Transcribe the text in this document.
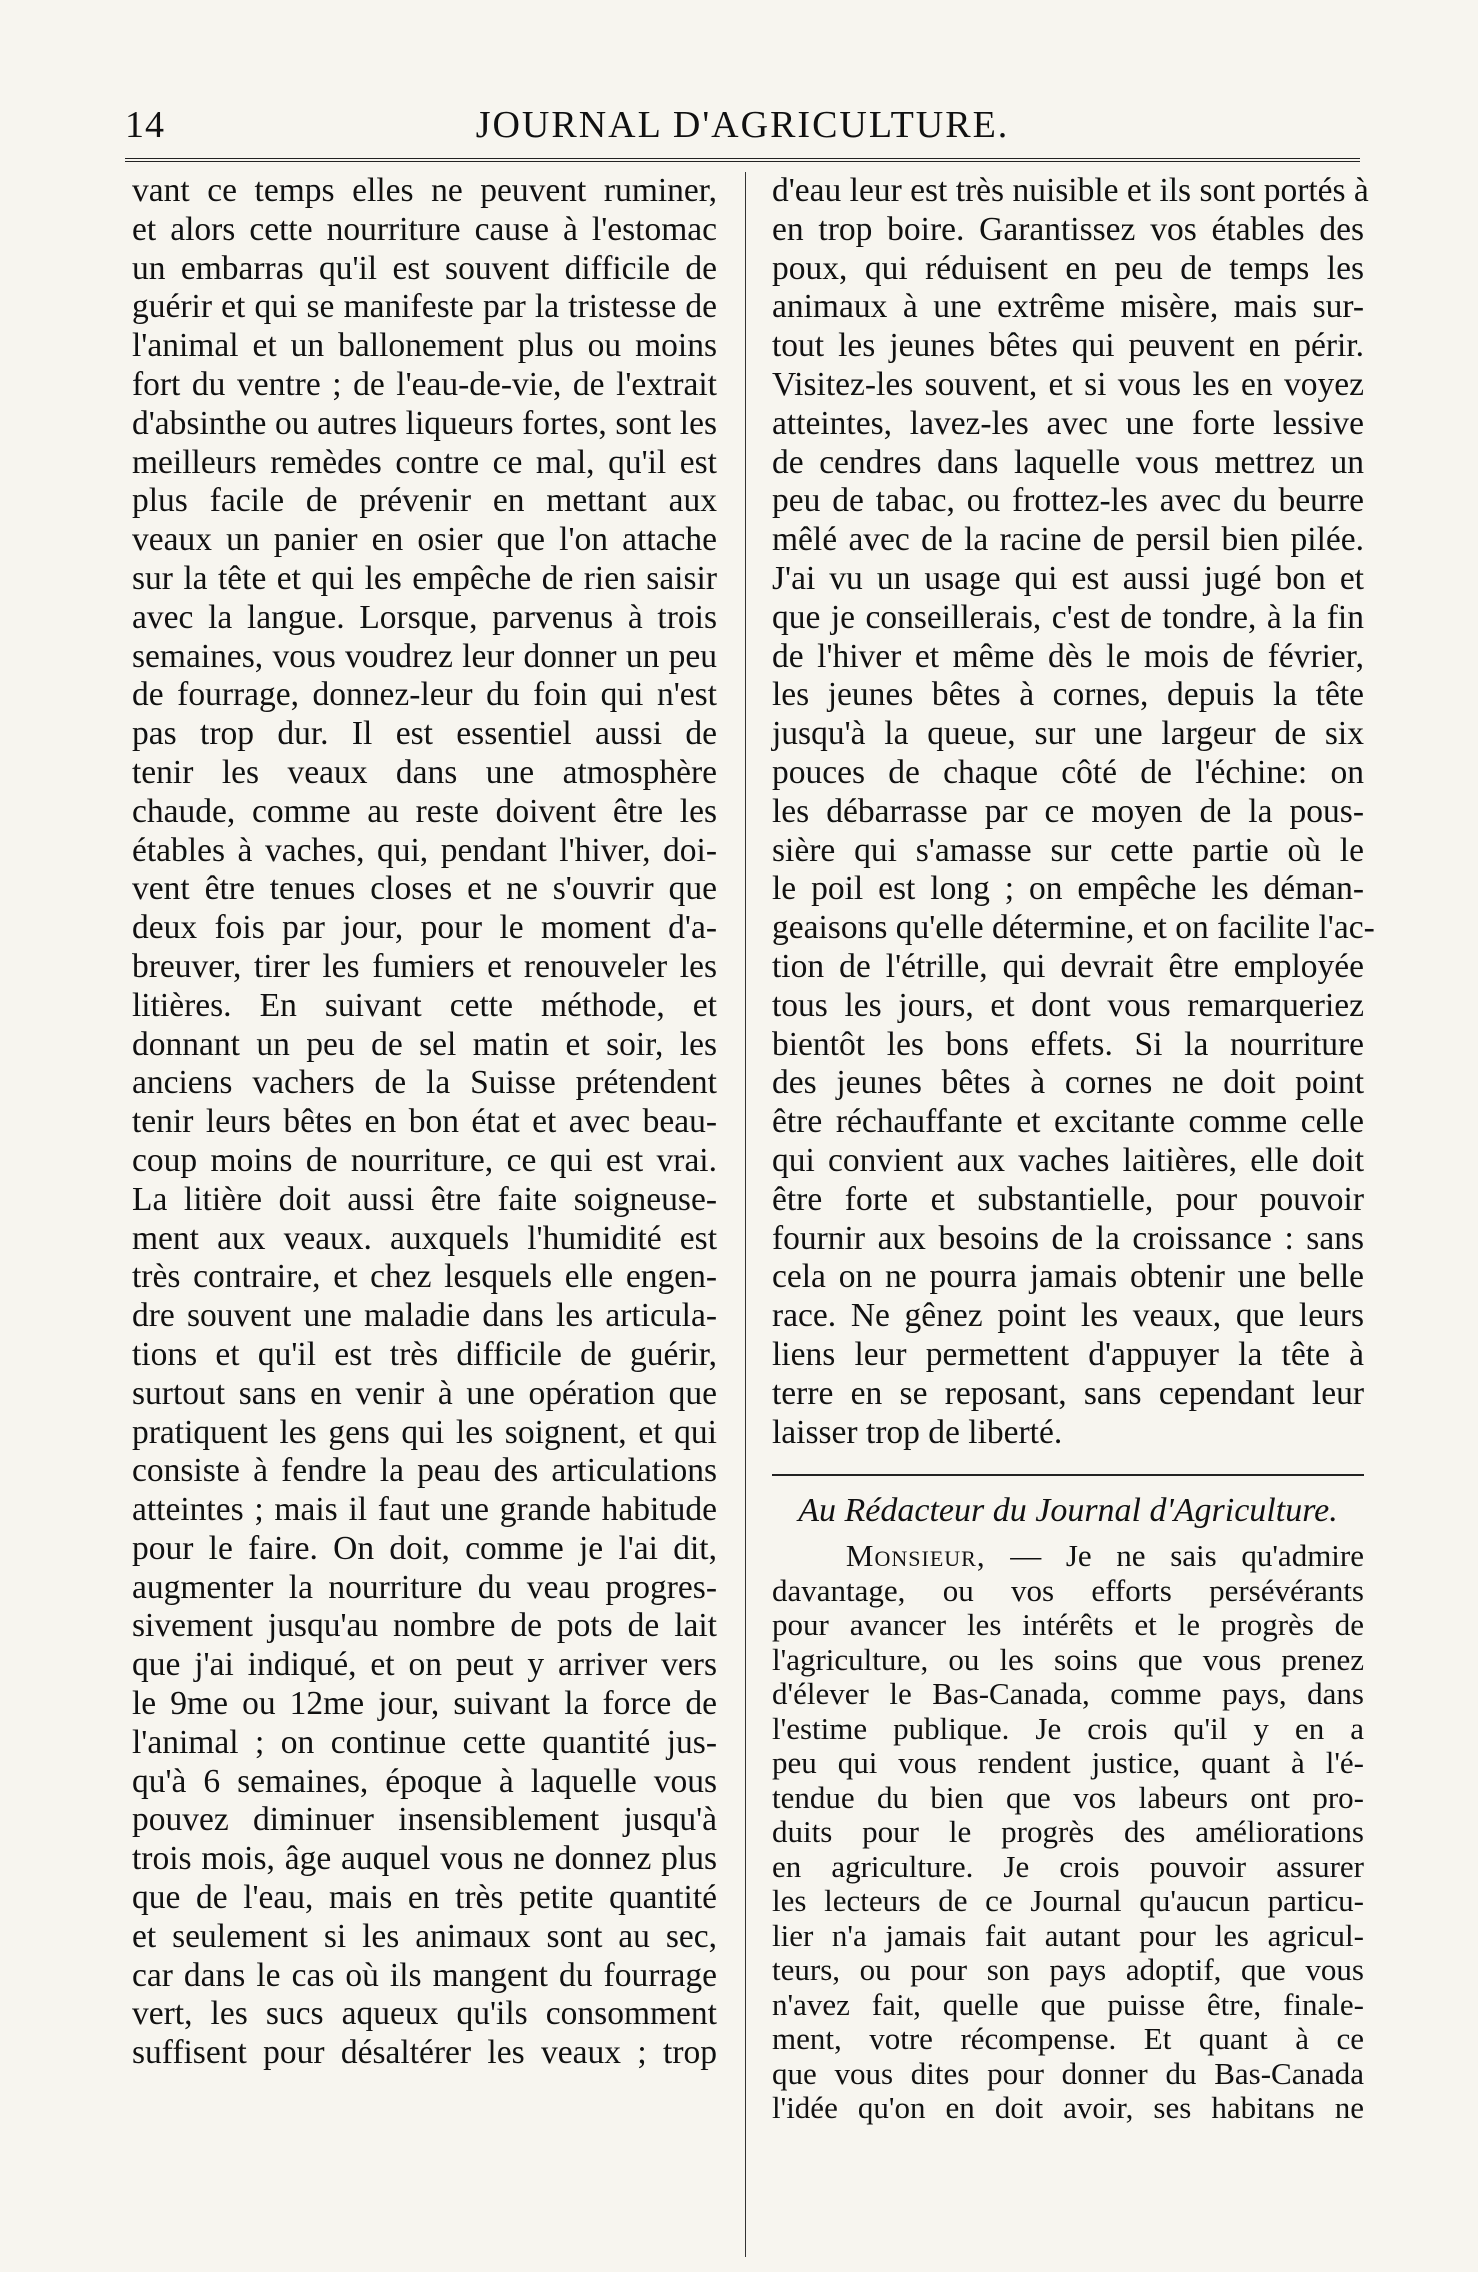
14	JOURNAL D'AGRICULTURE.

vant ce temps elles ne peuvent ruminer,
et alors cette nourriture cause à l'estomac
un embarras qu'il est souvent difficile de
guérir et qui se manifeste par la tristesse de
l'animal et un ballonement plus ou moins
fort du ventre ; de l'eau-de-vie, de l'extrait
d'absinthe ou autres liqueurs fortes, sont les
meilleurs remèdes contre ce mal, qu'il est
plus facile de prévenir en mettant aux
veaux un panier en osier que l'on attache
sur la tête et qui les empêche de rien saisir
avec la langue. Lorsque, parvenus à trois
semaines, vous voudrez leur donner un peu
de fourrage, donnez-leur du foin qui n'est
pas trop dur. Il est essentiel aussi de
tenir les veaux dans une atmosphère
chaude, comme au reste doivent être les
étables à vaches, qui, pendant l'hiver, doi-
vent être tenues closes et ne s'ouvrir que
deux fois par jour, pour le moment d'a-
breuver, tirer les fumiers et renouveler les
litières. En suivant cette méthode, et
donnant un peu de sel matin et soir, les
anciens vachers de la Suisse prétendent
tenir leurs bêtes en bon état et avec beau-
coup moins de nourriture, ce qui est vrai.
La litière doit aussi être faite soigneuse-
ment aux veaux. auxquels l'humidité est
très contraire, et chez lesquels elle engen-
dre souvent une maladie dans les articula-
tions et qu'il est très difficile de guérir,
surtout sans en venir à une opération que
pratiquent les gens qui les soignent, et qui
consiste à fendre la peau des articulations
atteintes ; mais il faut une grande habitude
pour le faire. On doit, comme je l'ai dit,
augmenter la nourriture du veau progres-
sivement jusqu'au nombre de pots de lait
que j'ai indiqué, et on peut y arriver vers
le 9me ou 12me jour, suivant la force de
l'animal ; on continue cette quantité jus-
qu'à 6 semaines, époque à laquelle vous
pouvez diminuer insensiblement jusqu'à
trois mois, âge auquel vous ne donnez plus
que de l'eau, mais en très petite quantité
et seulement si les animaux sont au sec,
car dans le cas où ils mangent du fourrage
vert, les sucs aqueux qu'ils consomment
suffisent pour désaltérer les veaux ; trop

d'eau leur est très nuisible et ils sont portés à
en trop boire. Garantissez vos étables des
poux, qui réduisent en peu de temps les
animaux à une extrême misère, mais sur-
tout les jeunes bêtes qui peuvent en périr.
Visitez-les souvent, et si vous les en voyez
atteintes, lavez-les avec une forte lessive
de cendres dans laquelle vous mettrez un
peu de tabac, ou frottez-les avec du beurre
mêlé avec de la racine de persil bien pilée.
J'ai vu un usage qui est aussi jugé bon et
que je conseillerais, c'est de tondre, à la fin
de l'hiver et même dès le mois de février,
les jeunes bêtes à cornes, depuis la tête
jusqu'à la queue, sur une largeur de six
pouces de chaque côté de l'échine: on
les débarrasse par ce moyen de la pous-
sière qui s'amasse sur cette partie où le
le poil est long ; on empêche les déman-
geaisons qu'elle détermine, et on facilite l'ac-
tion de l'étrille, qui devrait être employée
tous les jours, et dont vous remarqueriez
bientôt les bons effets. Si la nourriture
des jeunes bêtes à cornes ne doit point
être réchauffante et excitante comme celle
qui convient aux vaches laitières, elle doit
être forte et substantielle, pour pouvoir
fournir aux besoins de la croissance : sans
cela on ne pourra jamais obtenir une belle
race. Ne gênez point les veaux, que leurs
liens leur permettent d'appuyer la tête à
terre en se reposant, sans cependant leur
laisser trop de liberté.

Au Rédacteur du Journal d'Agriculture.

Monsieur, — Je ne sais qu'admire
davantage, ou vos efforts persévérants
pour avancer les intérêts et le progrès de
l'agriculture, ou les soins que vous prenez
d'élever le Bas-Canada, comme pays, dans
l'estime publique. Je crois qu'il y en a
peu qui vous rendent justice, quant à l'é-
tendue du bien que vos labeurs ont pro-
duits pour le progrès des améliorations
en agriculture. Je crois pouvoir assurer
les lecteurs de ce Journal qu'aucun particu-
lier n'a jamais fait autant pour les agricul-
teurs, ou pour son pays adoptif, que vous
n'avez fait, quelle que puisse être, finale-
ment, votre récompense. Et quant à ce
que vous dites pour donner du Bas-Canada
l'idée qu'on en doit avoir, ses habitans ne
